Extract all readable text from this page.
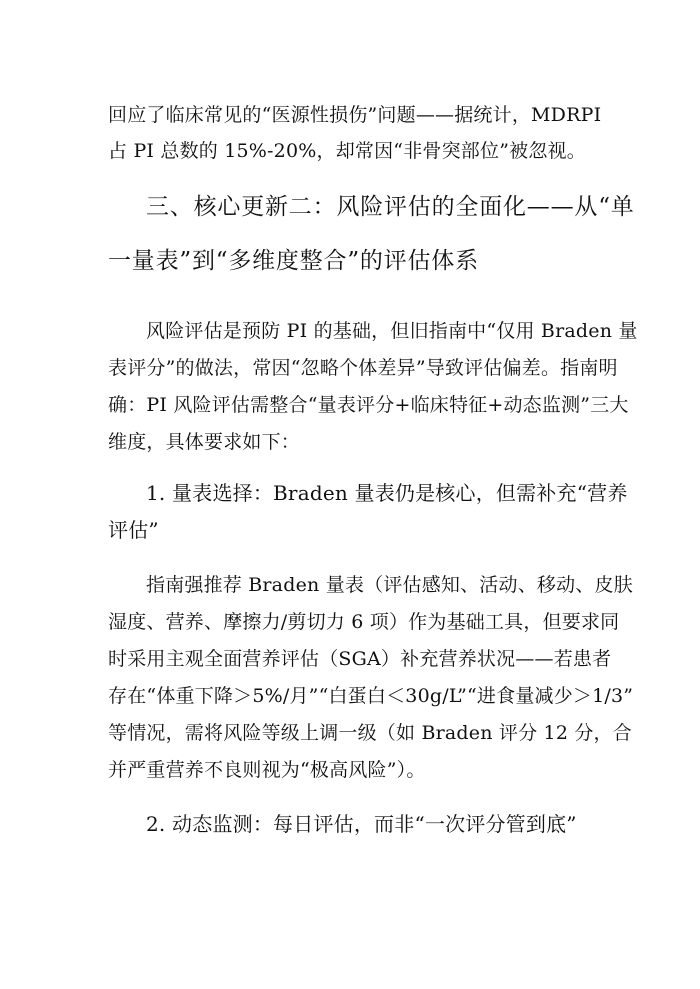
回应了临床常见的“医源性损伤”问题——据统计，MDRPI
占 PI 总数的 15%-20%，却常因“非骨突部位”被忽视。
三、核心更新二：风险评估的全面化——从“单
一量表”到“多维度整合”的评估体系
风险评估是预防 PI 的基础，但旧指南中“仅用 Braden 量
表评分”的做法，常因“忽略个体差异”导致评估偏差。指南明
确：PI 风险评估需整合“量表评分+临床特征+动态监测”三大
维度，具体要求如下：
1. 量表选择：Braden 量表仍是核心，但需补充“营养
评估”
指南强推荐 Braden 量表（评估感知、活动、移动、皮肤
湿度、营养、摩擦力/剪切力 6 项）作为基础工具，但要求同
时采用主观全面营养评估（SGA）补充营养状况——若患者
存在“体重下降＞5%/月”“白蛋白＜30g/L”“进食量减少＞1/3”
等情况，需将风险等级上调一级（如 Braden 评分 12 分，合
并严重营养不良则视为“极高风险”）。
2. 动态监测：每日评估，而非“一次评分管到底”
